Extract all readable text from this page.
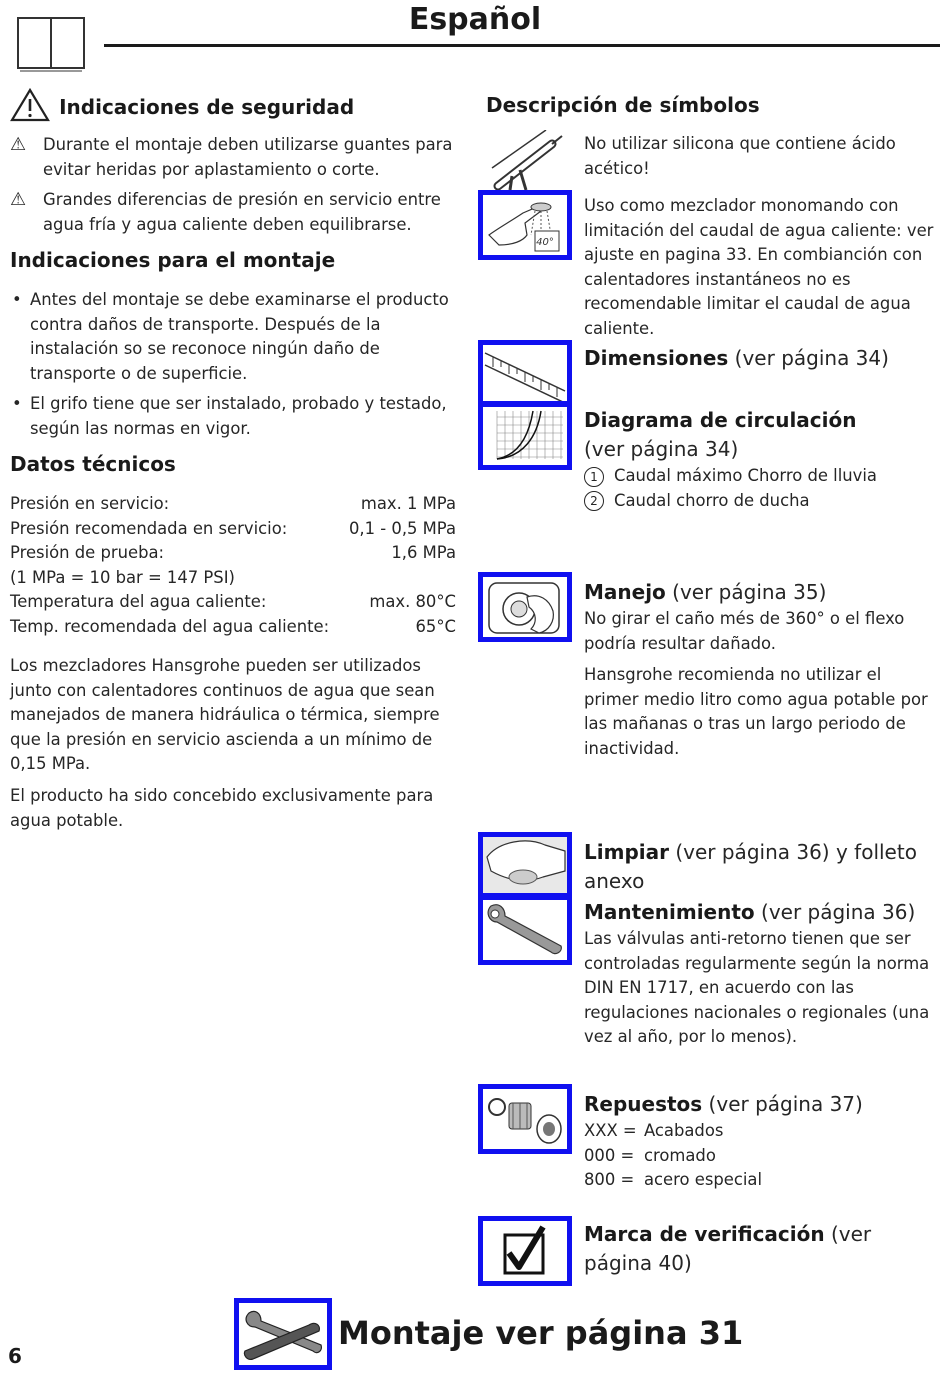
Español
Indicaciones de seguridad
⚠ Durante el montaje deben utilizarse guantes para evitar heridas por aplastamiento o corte.
⚠ Grandes diferencias de presión en servicio entre agua fría y agua caliente deben equilibrarse.
Indicaciones para el montaje
• Antes del montaje se debe examinarse el producto contra daños de transporte. Después de la instalación so se reconoce ningún daño de transporte o de superficie.
• El grifo tiene que ser instalado, probado y testado, según las normas en vigor.
Datos técnicos
Presión en servicio:	max. 1 MPa
Presión recomendada en servicio:	0,1 - 0,5 MPa
Presión de prueba:	1,6 MPa
(1 MPa = 10 bar = 147 PSI)
Temperatura del agua caliente:	max. 80°C
Temp. recomendada del agua caliente:	65°C
Los mezcladores Hansgrohe pueden ser utilizados junto con calentadores continuos de agua que sean manejados de manera hidráulica o térmica, siempre que la presión en servicio ascienda a un mínimo de 0,15 MPa.
El producto ha sido concebido exclusivamente para agua potable.
Descripción de símbolos
No utilizar silicona que contiene ácido acético!
40°
Uso como mezclador monomando con limitación del caudal de agua caliente: ver ajuste en pagina 33. En combianción con calentadores instantáneos no es recomendable limitar el caudal de agua caliente.
Dimensiones (ver página 34)
Diagrama de circulación
(ver página 34)
1 Caudal máximo Chorro de lluvia
2 Caudal chorro de ducha
Manejo (ver página 35)
No girar el caño més de 360° o el flexo podría resultar dañado.
Hansgrohe recomienda no utilizar el primer medio litro como agua potable por las mañanas o tras un largo periodo de inactividad.
Limpiar (ver página 36) y folleto anexo
Mantenimiento (ver página 36)
Las válvulas anti-retorno tienen que ser controladas regularmente según la norma DIN EN 1717, en acuerdo con las regulaciones nacionales o regionales (una vez al año, por lo menos).
Repuestos (ver página 37)
XXX = Acabados
000 = cromado
800 = acero especial
Marca de verificación (ver página 40)
6
Montaje ver página 31
